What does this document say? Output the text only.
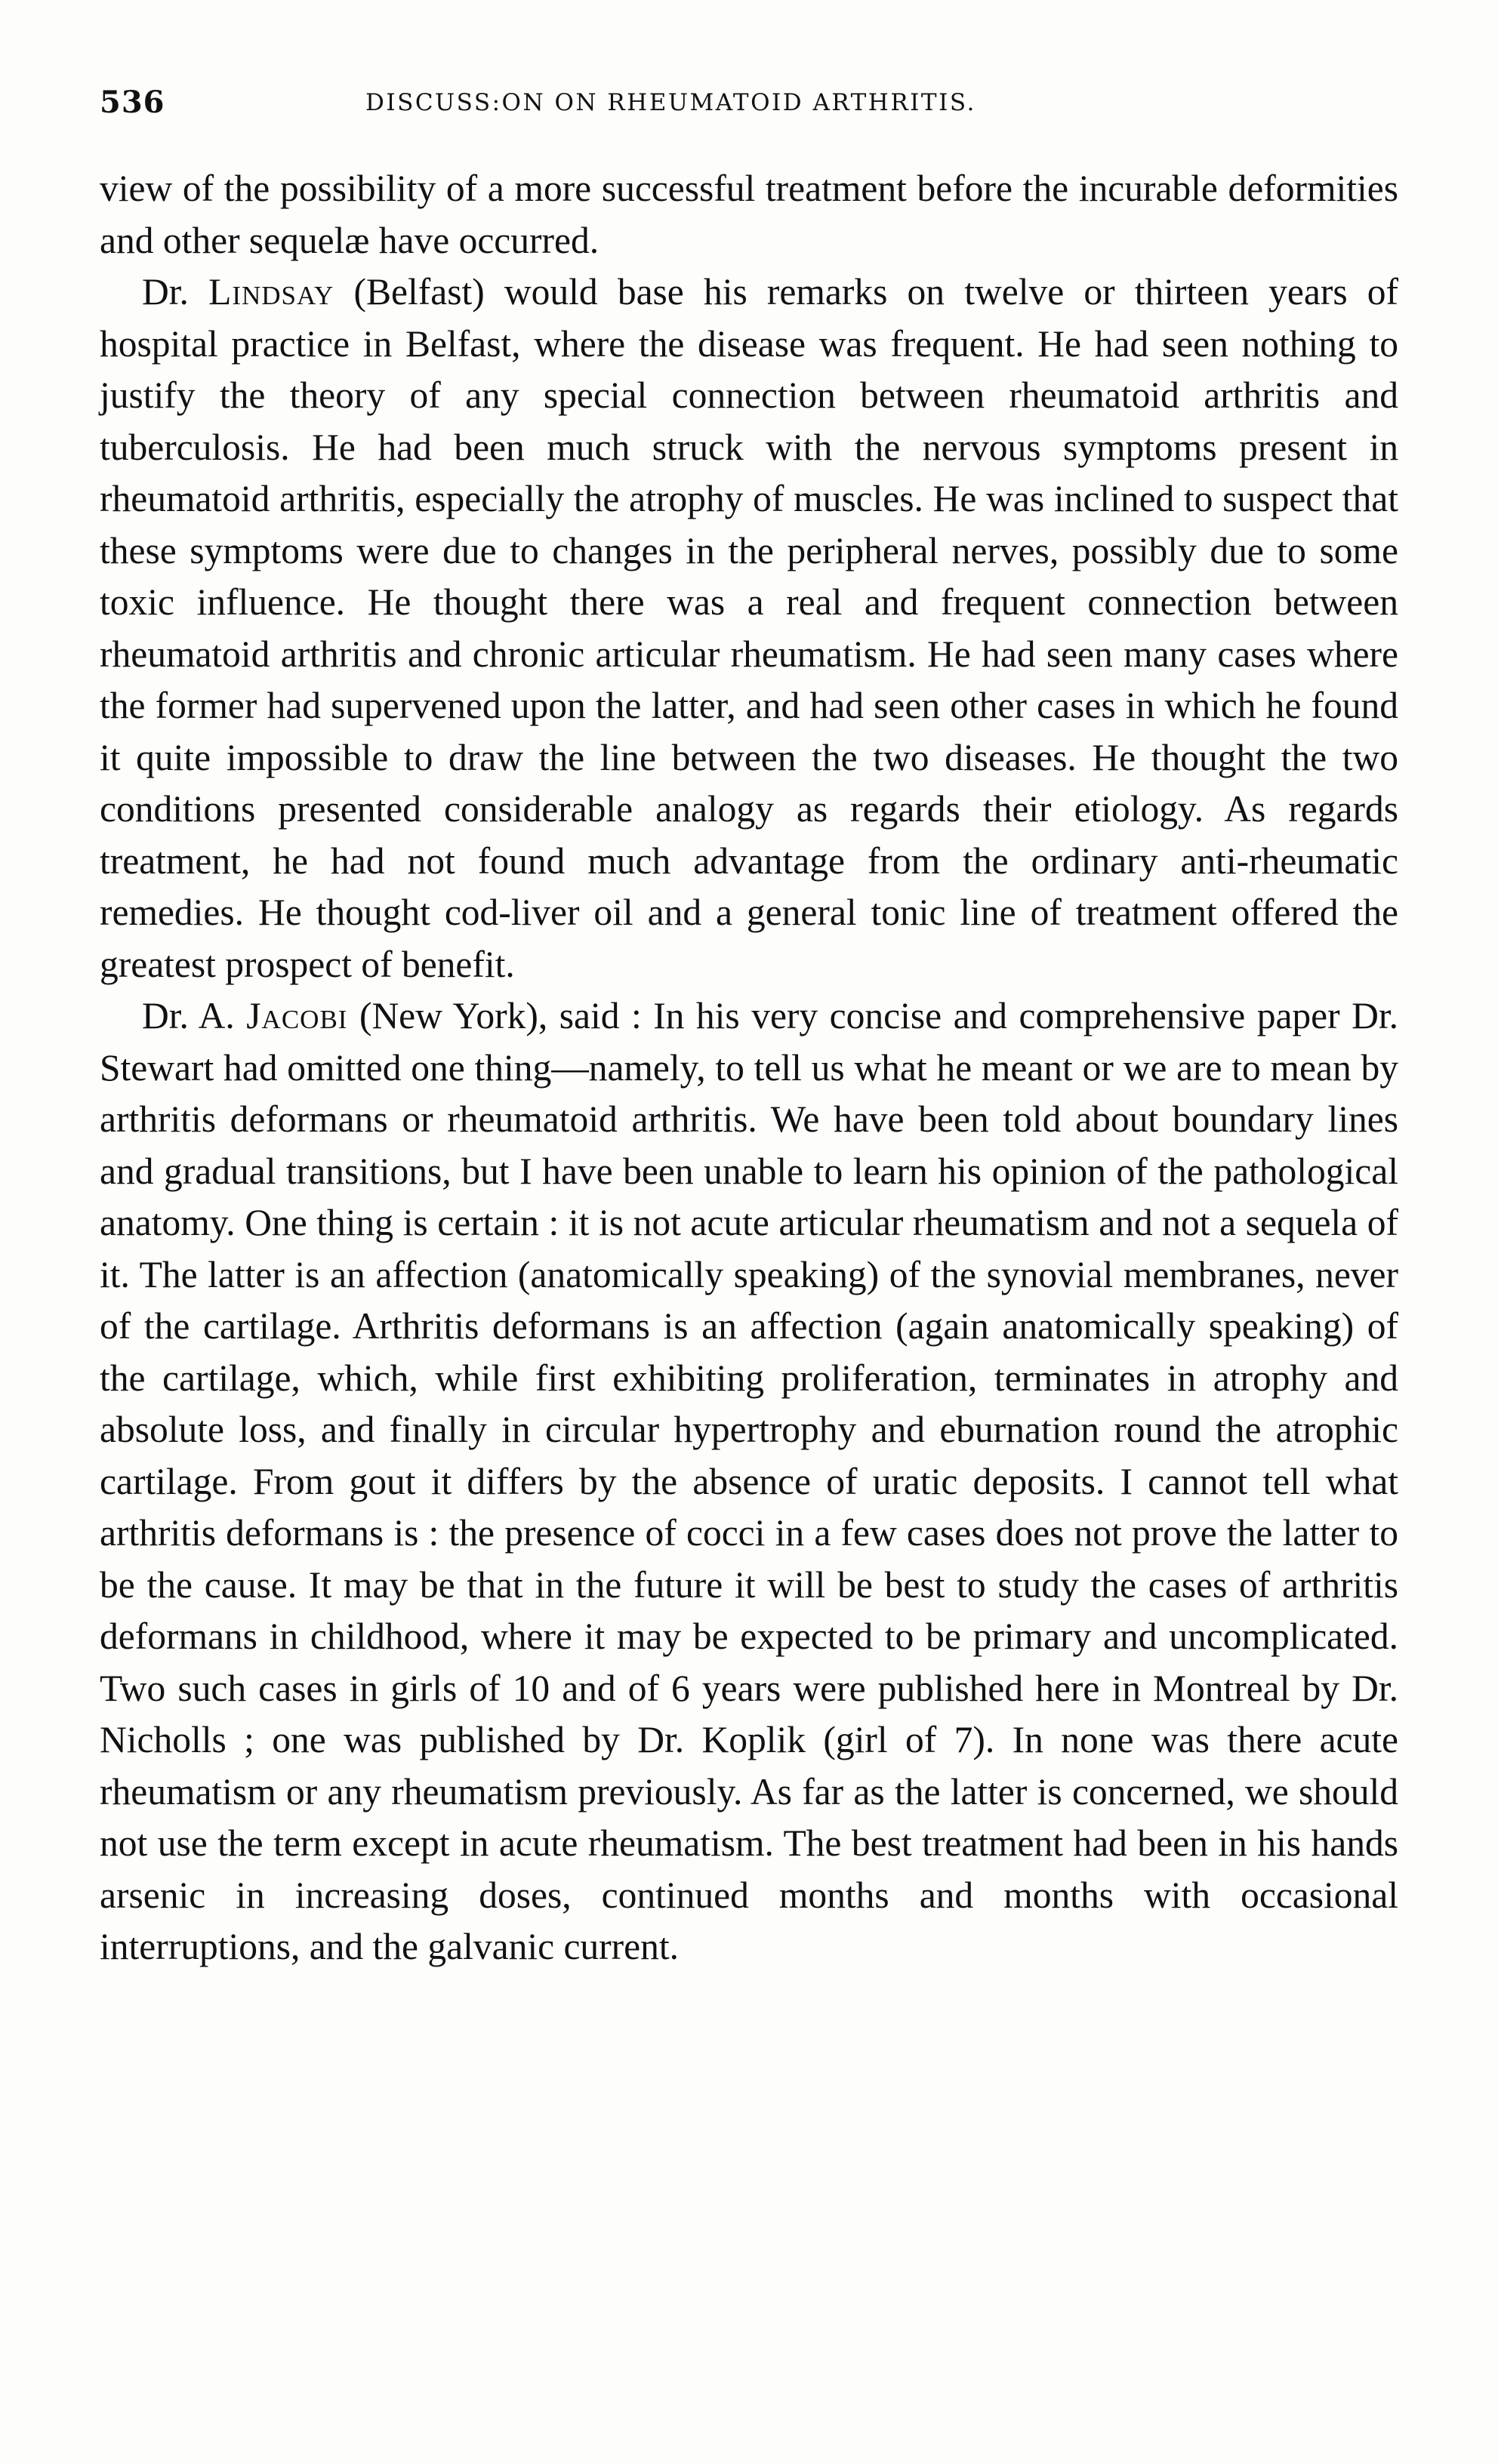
536	DISCUSS:ON ON RHEUMATOID ARTHRITIS.

view of the possibility of a more successful treatment before the incurable deformities and other sequelæ have occurred.

Dr. Lindsay (Belfast) would base his remarks on twelve or thirteen years of hospital practice in Belfast, where the disease was frequent. He had seen nothing to justify the theory of any special connection between rheumatoid arthritis and tuberculosis. He had been much struck with the nervous symptoms present in rheumatoid arthritis, especially the atrophy of muscles. He was inclined to suspect that these symptoms were due to changes in the peripheral nerves, possibly due to some toxic influence. He thought there was a real and frequent connection between rheumatoid arthritis and chronic articular rheumatism. He had seen many cases where the former had supervened upon the latter, and had seen other cases in which he found it quite impossible to draw the line between the two diseases. He thought the two conditions presented considerable analogy as regards their etiology. As regards treatment, he had not found much advantage from the ordinary anti-rheumatic remedies. He thought cod-liver oil and a general tonic line of treatment offered the greatest prospect of benefit.

Dr. A. Jacobi (New York), said : In his very concise and comprehensive paper Dr. Stewart had omitted one thing—namely, to tell us what he meant or we are to mean by arthritis deformans or rheumatoid arthritis. We have been told about boundary lines and gradual transitions, but I have been unable to learn his opinion of the pathological anatomy. One thing is certain : it is not acute articular rheumatism and not a sequela of it. The latter is an affection (anatomically speaking) of the synovial membranes, never of the cartilage. Arthritis deformans is an affection (again anatomically speaking) of the cartilage, which, while first exhibiting proliferation, terminates in atrophy and absolute loss, and finally in circular hypertrophy and eburnation round the atrophic cartilage. From gout it differs by the absence of uratic deposits. I cannot tell what arthritis deformans is : the presence of cocci in a few cases does not prove the latter to be the cause. It may be that in the future it will be best to study the cases of arthritis deformans in childhood, where it may be expected to be primary and uncomplicated. Two such cases in girls of 10 and of 6 years were published here in Montreal by Dr. Nicholls ; one was published by Dr. Koplik (girl of 7). In none was there acute rheumatism or any rheumatism previously. As far as the latter is concerned, we should not use the term except in acute rheumatism. The best treatment had been in his hands arsenic in increasing doses, continued months and months with occasional interruptions, and the galvanic current.
